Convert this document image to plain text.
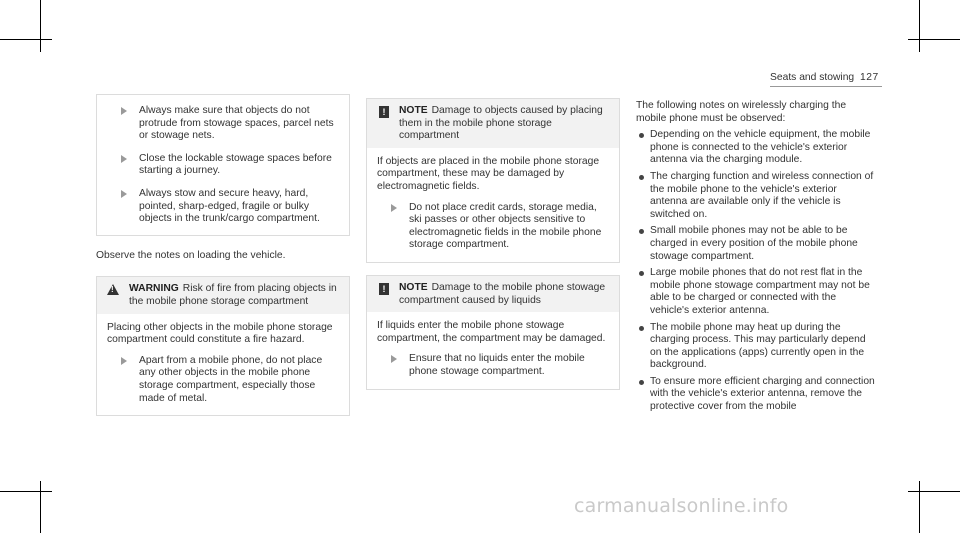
Seats and stowing 127
Always make sure that objects do not protrude from stowage spaces, parcel nets or stowage nets.
Close the lockable stowage spaces before starting a journey.
Always stow and secure heavy, hard, pointed, sharp-edged, fragile or bulky objects in the trunk/cargo compartment.

Observe the notes on loading the vehicle.

!
WARNING Risk of fire from placing objects in the mobile phone storage compartment

Placing other objects in the mobile phone storage compartment could constitute a fire hazard.

Apart from a mobile phone, do not place any other objects in the mobile phone storage compartment, especially those made of metal.
!	NOTE Damage to objects caused by placing them in the mobile phone storage compartment

If objects are placed in the mobile phone storage compartment, these may be damaged by electromagnetic fields.

Do not place credit cards, storage media, ski passes or other objects sensitive to electromagnetic fields in the mobile phone storage compartment.
!	NOTE Damage to the mobile phone stowage compartment caused by liquids

If liquids enter the mobile phone stowage compartment, the compartment may be damaged.

Ensure that no liquids enter the mobile phone stowage compartment.

The following notes on wirelessly charging the mobile phone must be observed:

Depending on the vehicle equipment, the mobile phone is connected to the vehicle's exterior antenna via the charging module.
The charging function and wireless connection of the mobile phone to the vehicle's exterior antenna are available only if the vehicle is switched on.
Small mobile phones may not be able to be charged in every position of the mobile phone stowage compartment.
Large mobile phones that do not rest flat in the mobile phone stowage compartment may not be able to be charged or connected with the vehicle's exterior antenna.
The mobile phone may heat up during the charging process. This may particularly depend on the applications (apps) currently open in the background.
To ensure more efficient charging and connection with the vehicle's exterior antenna, remove the protective cover from the mobile
carmanualsonline.info
